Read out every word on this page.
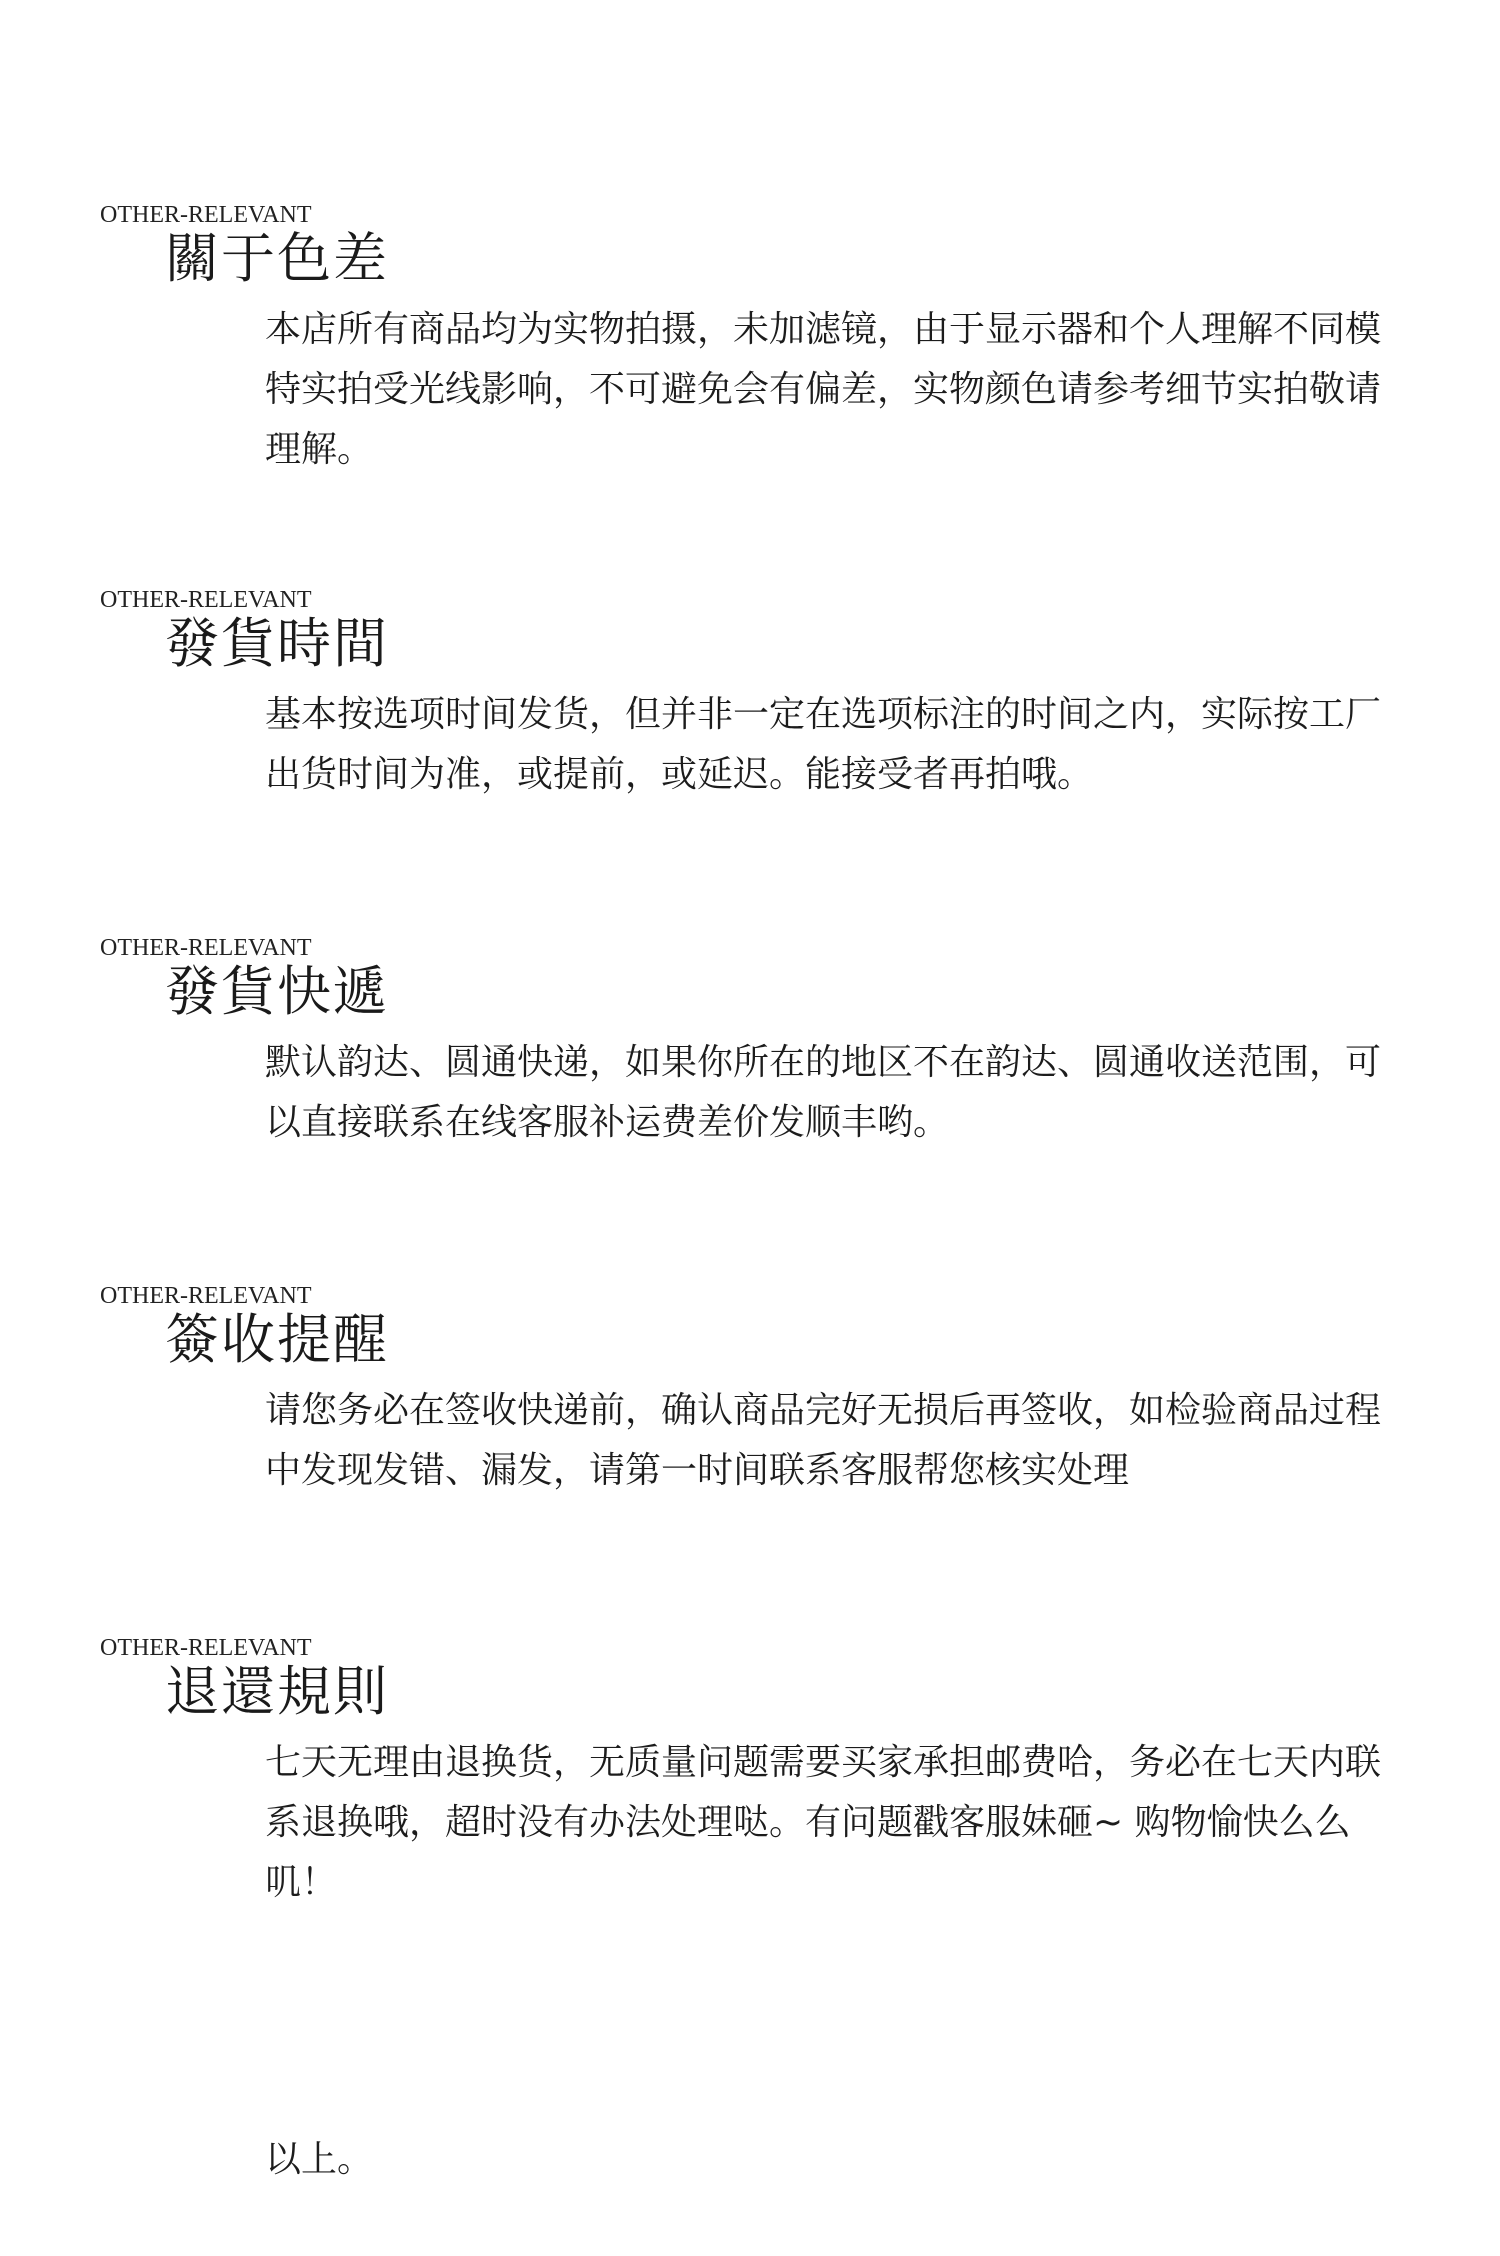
OTHER-RELEVANT
關于色差

本店所有商品均为实物拍摄，未加滤镜，由于显示器和个人理解不同模特实拍受光线影响，不可避免会有偏差，实物颜色请参考细节实拍敬请理解。

OTHER-RELEVANT
發貨時間

基本按选项时间发货，但并非一定在选项标注的时间之内，实际按工厂出货时间为准，或提前，或延迟。能接受者再拍哦。

OTHER-RELEVANT
發貨快遞

默认韵达、圆通快递，如果你所在的地区不在韵达、圆通收送范围，可以直接联系在线客服补运费差价发顺丰哟。

OTHER-RELEVANT
簽收提醒

请您务必在签收快递前，确认商品完好无损后再签收，如检验商品过程中发现发错、漏发，请第一时间联系客服帮您核实处理

OTHER-RELEVANT
退還規則

七天无理由退换货，无质量问题需要买家承担邮费哈，务必在七天内联系退换哦，超时没有办法处理哒。有问题戳客服妹砸~ 购物愉快么么叽！

以上。
